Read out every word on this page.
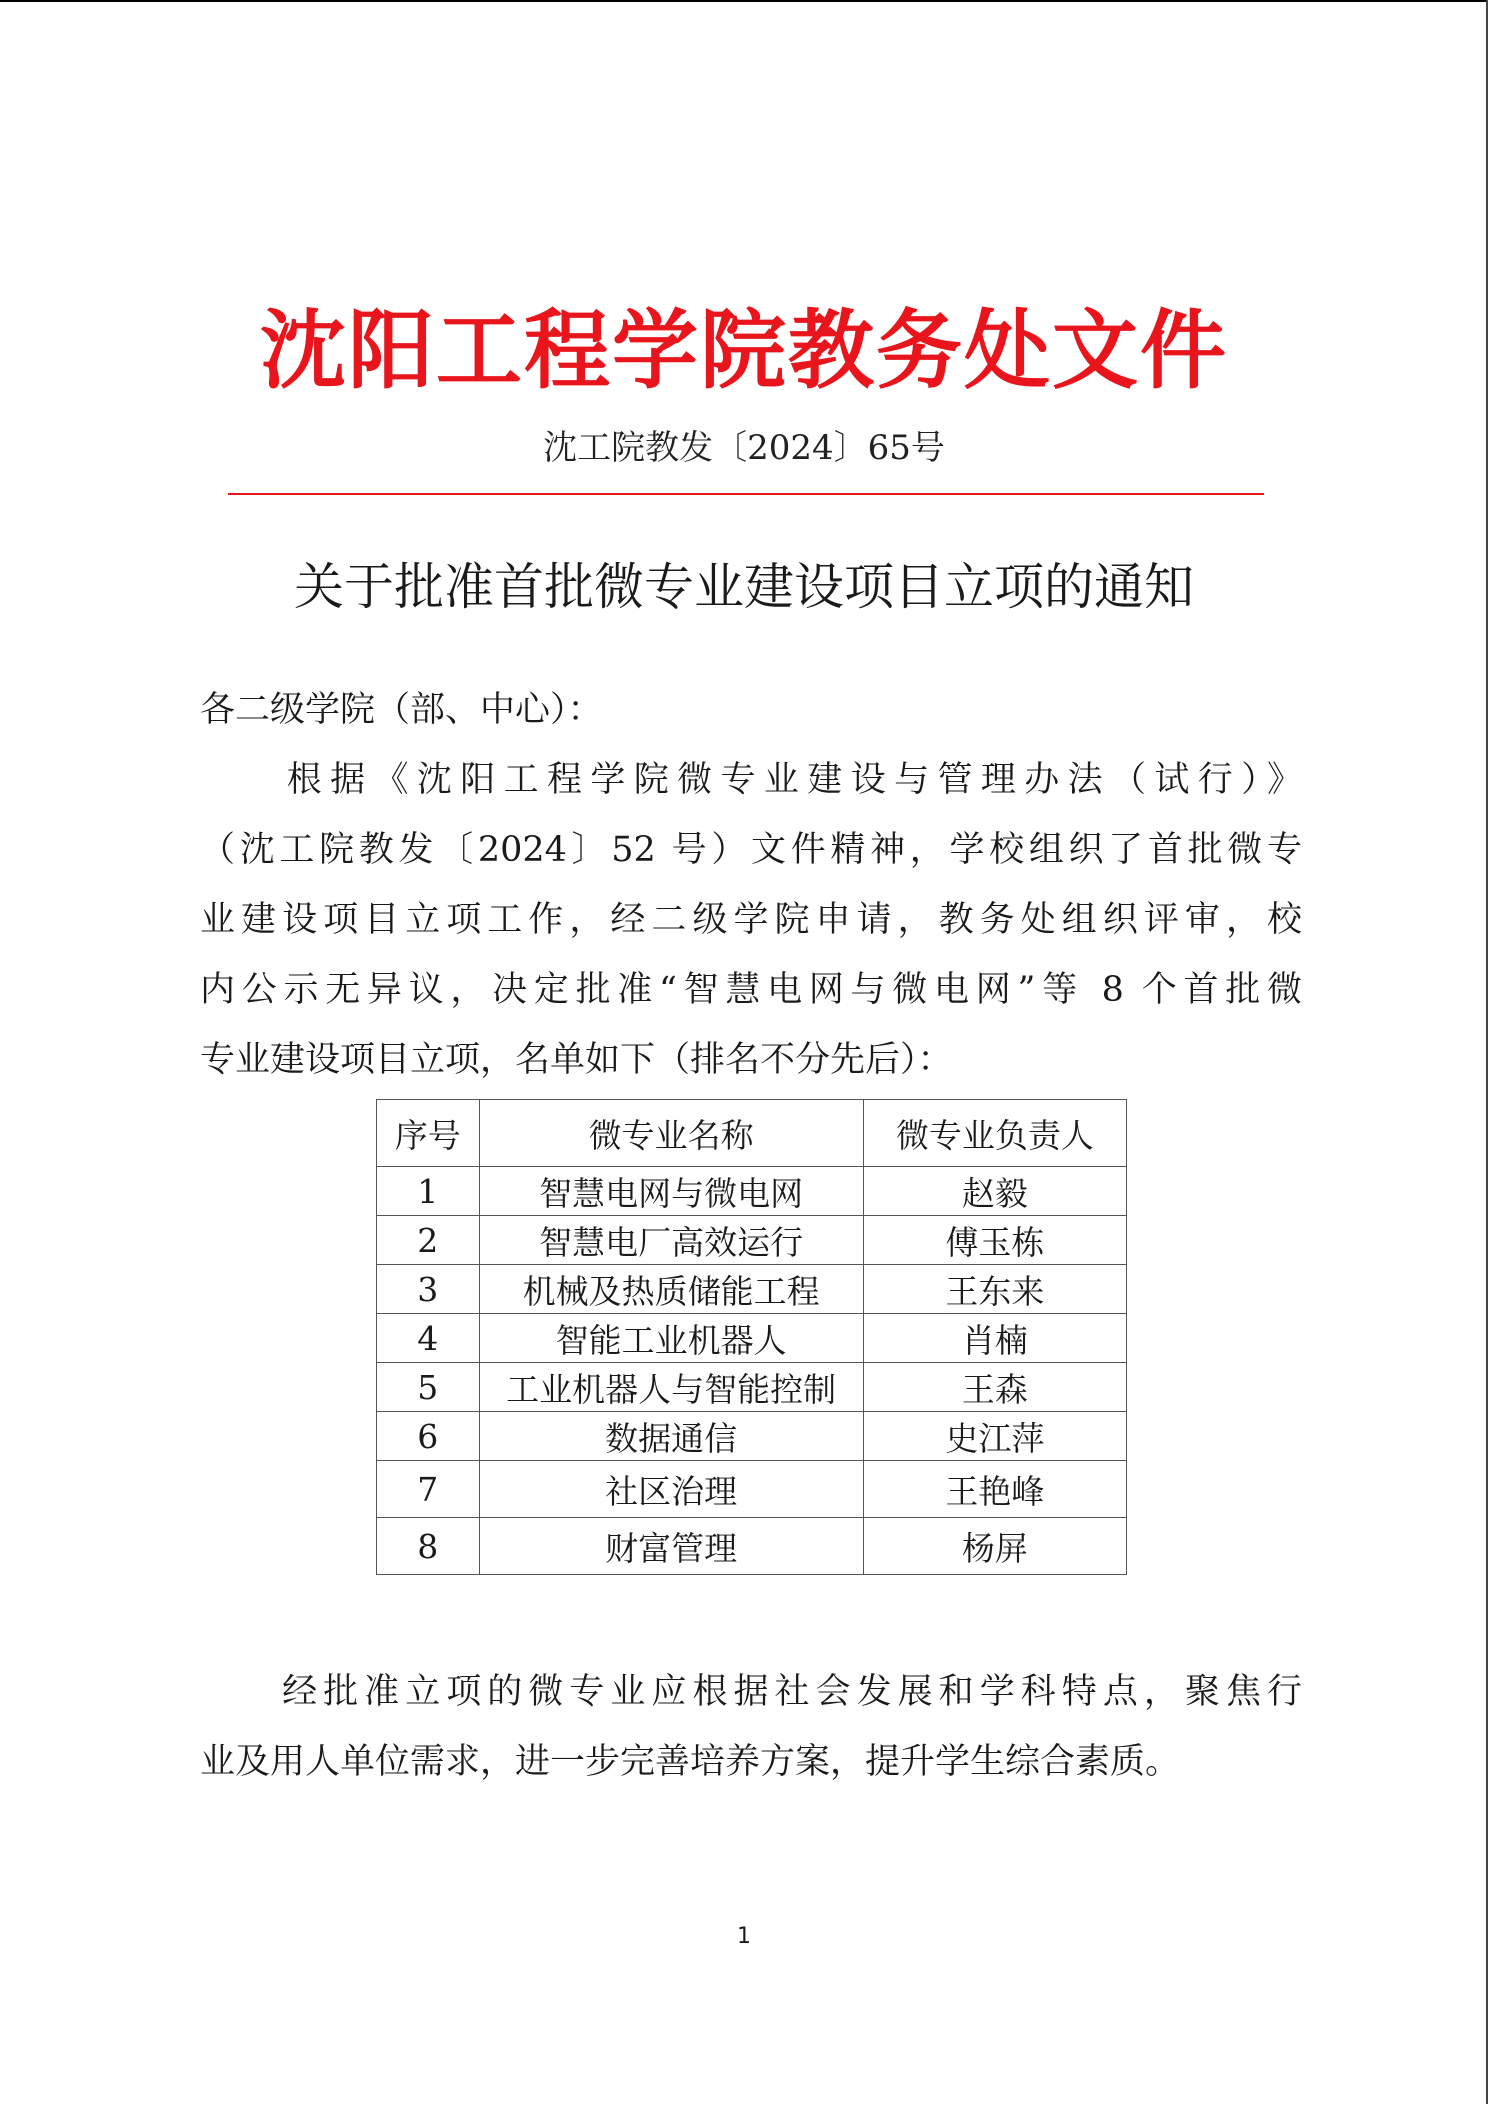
沈阳工程学院教务处文件
沈工院教发〔2024〕65号
关于批准首批微专业建设项目立项的通知
各二级学院（部、中心）：
　　根据《沈阳工程学院微专业建设与管理办法（试行）》
（沈工院教发〔2024〕52 号）文件精神，学校组织了首批微专
业建设项目立项工作，经二级学院申请，教务处组织评审，校
内公示无异议，决定批准“智慧电网与微电网”等 8 个首批微
专业建设项目立项，名单如下（排名不分先后）：
序号	微专业名称	微专业负责人
1	智慧电网与微电网	赵毅
2	智慧电厂高效运行	傅玉栋
3	机械及热质储能工程	王东来
4	智能工业机器人	肖楠
5	工业机器人与智能控制	王森
6	数据通信	史江萍
7	社区治理	王艳峰
8	财富管理	杨屏
　　经批准立项的微专业应根据社会发展和学科特点，聚焦行
业及用人单位需求，进一步完善培养方案，提升学生综合素质。
1
